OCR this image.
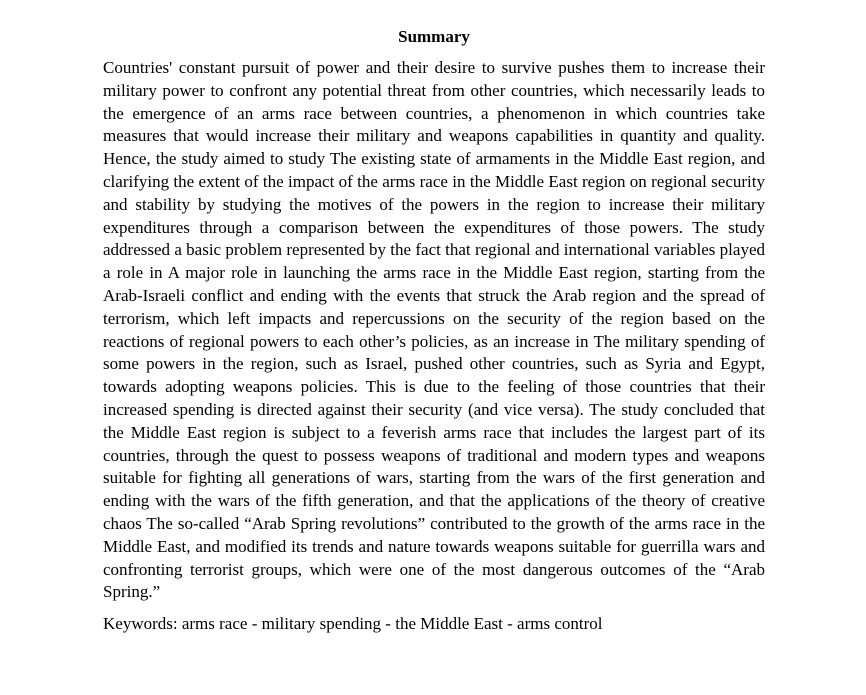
Summary

Countries' constant pursuit of power and their desire to survive pushes them to increase their military power to confront any potential threat from other countries, which necessarily leads to the emergence of an arms race between countries, a phenomenon in which countries take measures that would increase their military and weapons capabilities in quantity and quality. Hence, the study aimed to study The existing state of armaments in the Middle East region, and clarifying the extent of the impact of the arms race in the Middle East region on regional security and stability by studying the motives of the powers in the region to increase their military expenditures through a comparison between the expenditures of those powers. The study addressed a basic problem represented by the fact that regional and international variables played a role in A major role in launching the arms race in the Middle East region, starting from the Arab-Israeli conflict and ending with the events that struck the Arab region and the spread of terrorism, which left impacts and repercussions on the security of the region based on the reactions of regional powers to each other’s policies, as an increase in The military spending of some powers in the region, such as Israel, pushed other countries, such as Syria and Egypt, towards adopting weapons policies. This is due to the feeling of those countries that their increased spending is directed against their security (and vice versa). The study concluded that the Middle East region is subject to a feverish arms race that includes the largest part of its countries, through the quest to possess weapons of traditional and modern types and weapons suitable for fighting all generations of wars, starting from the wars of the first generation and ending with the wars of the fifth generation, and that the applications of the theory of creative chaos The so-called “Arab Spring revolutions” contributed to the growth of the arms race in the Middle East, and modified its trends and nature towards weapons suitable for guerrilla wars and confronting terrorist groups, which were one of the most dangerous outcomes of the “Arab Spring.”

Keywords: arms race - military spending - the Middle East - arms control
